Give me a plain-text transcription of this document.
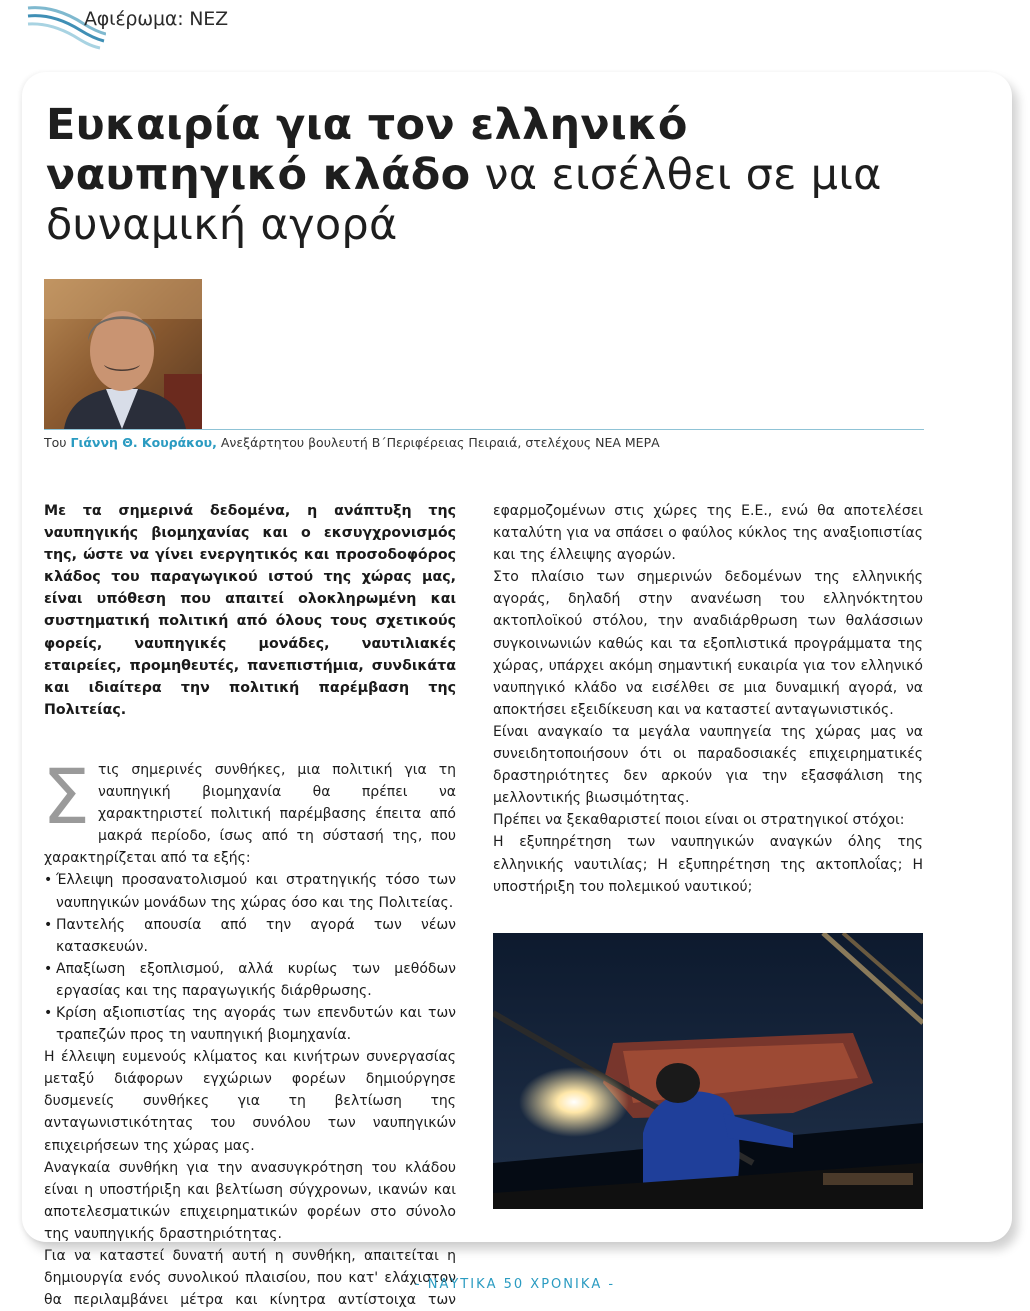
Αφιέρωμα: ΝΕΖ
Ευκαιρία για τον ελληνικό ναυπηγικό κλάδο να εισέλθει σε μια δυναμική αγορά
Του Γιάννη Θ. Κουράκου, Ανεξάρτητου βουλευτή Β΄Περιφέρειας Πειραιά, στελέχους ΝΕΑ ΜΕΡΑ

Με τα σημερινά δεδομένα, η ανάπτυξη της ναυπηγικής βιομηχανίας και ο εκσυγχρονισμός της, ώστε να γίνει ενεργητικός και προσοδοφόρος κλάδος του παραγωγικού ιστού της χώρας μας, είναι υπόθεση που απαιτεί ολοκληρωμένη και συστηματική πολιτική από όλους τους σχετικούς φορείς, ναυπηγικές μονάδες, ναυτιλιακές εταιρείες, προμηθευτές, πανεπιστήμια, συνδικάτα και ιδιαίτερα την πολιτική παρέμβαση της Πολιτείας.

Σ τις σημερινές συνθήκες, μια πολιτική για τη ναυπηγική βιομηχανία θα πρέπει να χαρακτηριστεί πολιτική παρέμβασης έπειτα από μακρά περίοδο, ίσως από τη σύστασή της, που χαρακτηρίζεται από τα εξής:

• Έλλειψη προσανατολισμού και στρατηγικής τόσο των ναυπηγικών μονάδων της χώρας όσο και της Πολιτείας.
• Παντελής απουσία από την αγορά των νέων κατασκευών.
• Απαξίωση εξοπλισμού, αλλά κυρίως των μεθόδων εργασίας και της παραγωγικής διάρθρωσης.
• Κρίση αξιοπιστίας της αγοράς των επενδυτών και των τραπεζών προς τη ναυπηγική βιομηχανία.

Η έλλειψη ευμενούς κλίματος και κινήτρων συνεργασίας μεταξύ διάφορων εγχώριων φορέων δημιούργησε δυσμενείς συνθήκες για τη βελτίωση της ανταγωνιστικότητας του συνόλου των ναυπηγικών επιχειρήσεων της χώρας μας.

Αναγκαία συνθήκη για την ανασυγκρότηση του κλάδου είναι η υποστήριξη και βελτίωση σύγχρονων, ικανών και αποτελεσματικών επιχειρηματικών φορέων στο σύνολο της ναυπηγικής δραστηριότητας.

Για να καταστεί δυνατή αυτή η συνθήκη, απαιτείται η δημιουργία ενός συνολικού πλαισίου, που κατ' ελάχιστον θα περιλαμβάνει μέτρα και κίνητρα αντίστοιχα των

εφαρμοζομένων στις χώρες της Ε.Ε., ενώ θα αποτελέσει καταλύτη για να σπάσει ο φαύλος κύκλος της αναξιοπιστίας και της έλλειψης αγορών.

Στο πλαίσιο των σημερινών δεδομένων της ελληνικής αγοράς, δηλαδή στην ανανέωση του ελληνόκτητου ακτοπλοϊκού στόλου, την αναδιάρθρωση των θαλάσσιων συγκοινωνιών καθώς και τα εξοπλιστικά προγράμματα της χώρας, υπάρχει ακόμη σημαντική ευκαιρία για τον ελληνικό ναυπηγικό κλάδο να εισέλθει σε μια δυναμική αγορά, να αποκτήσει εξειδίκευση και να καταστεί ανταγωνιστικός.

Είναι αναγκαίο τα μεγάλα ναυπηγεία της χώρας μας να συνειδητοποιήσουν ότι οι παραδοσιακές επιχειρηματικές δραστηριότητες δεν αρκούν για την εξασφάλιση της μελλοντικής βιωσιμότητας.

Πρέπει να ξεκαθαριστεί ποιοι είναι οι στρατηγικοί στόχοι:

Η εξυπηρέτηση των ναυπηγικών αναγκών όλης της ελληνικής ναυτιλίας; Η εξυπηρέτηση της ακτοπλοΐας; Η υποστήριξη του πολεμικού ναυτικού;

- ΝΑΥΤΙΚΑ 50 ΧΡΟΝΙΚΑ -
